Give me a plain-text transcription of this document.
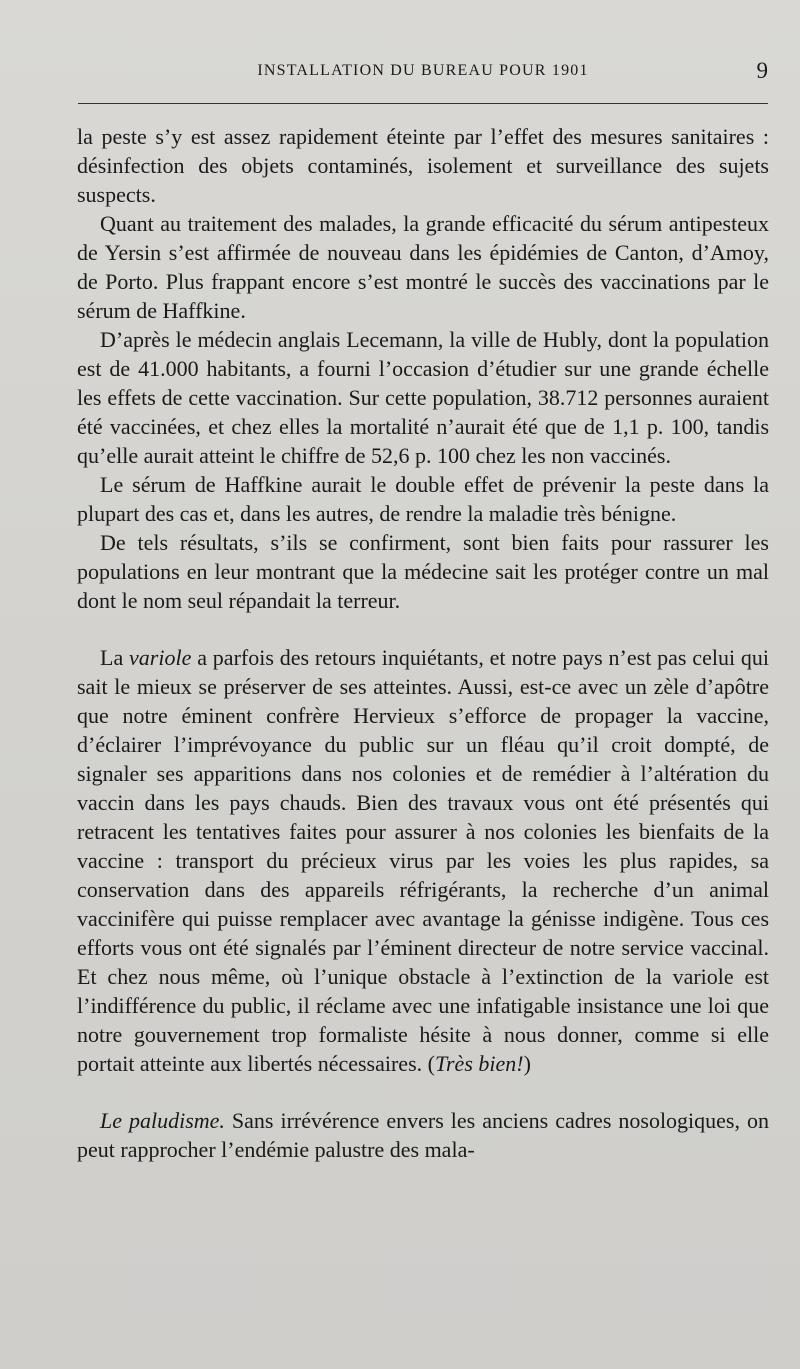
INSTALLATION DU BUREAU POUR 1901	9

la peste s’y est assez rapidement éteinte par l’effet des mesures sanitaires : désinfection des objets contaminés, isolement et surveillance des sujets suspects.

Quant au traitement des malades, la grande efficacité du sérum antipesteux de Yersin s’est affirmée de nouveau dans les épidémies de Canton, d’Amoy, de Porto. Plus frappant encore s’est montré le succès des vaccinations par le sérum de Haffkine.

D’après le médecin anglais Lecemann, la ville de Hubly, dont la population est de 41.000 habitants, a fourni l’occasion d’étudier sur une grande échelle les effets de cette vaccination. Sur cette population, 38.712 personnes auraient été vaccinées, et chez elles la mortalité n’aurait été que de 1,1 p. 100, tandis qu’elle aurait atteint le chiffre de 52,6 p. 100 chez les non vaccinés.

Le sérum de Haffkine aurait le double effet de prévenir la peste dans la plupart des cas et, dans les autres, de rendre la maladie très bénigne.

De tels résultats, s’ils se confirment, sont bien faits pour rassurer les populations en leur montrant que la médecine sait les protéger contre un mal dont le nom seul répandait la terreur.

La variole a parfois des retours inquiétants, et notre pays n’est pas celui qui sait le mieux se préserver de ses atteintes. Aussi, est-ce avec un zèle d’apôtre que notre éminent confrère Hervieux s’efforce de propager la vaccine, d’éclairer l’imprévoyance du public sur un fléau qu’il croit dompté, de signaler ses apparitions dans nos colonies et de remédier à l’altération du vaccin dans les pays chauds. Bien des travaux vous ont été présentés qui retracent les tentatives faites pour assurer à nos colonies les bienfaits de la vaccine : transport du précieux virus par les voies les plus rapides, sa conservation dans des appareils réfrigérants, la recherche d’un animal vaccinifère qui puisse remplacer avec avantage la génisse indigène. Tous ces efforts vous ont été signalés par l’éminent directeur de notre service vaccinal. Et chez nous même, où l’unique obstacle à l’extinction de la variole est l’indifférence du public, il réclame avec une infatigable insistance une loi que notre gouvernement trop formaliste hésite à nous donner, comme si elle portait atteinte aux libertés nécessaires. (Très bien!)

Le paludisme. Sans irrévérence envers les anciens cadres nosologiques, on peut rapprocher l’endémie palustre des mala-
